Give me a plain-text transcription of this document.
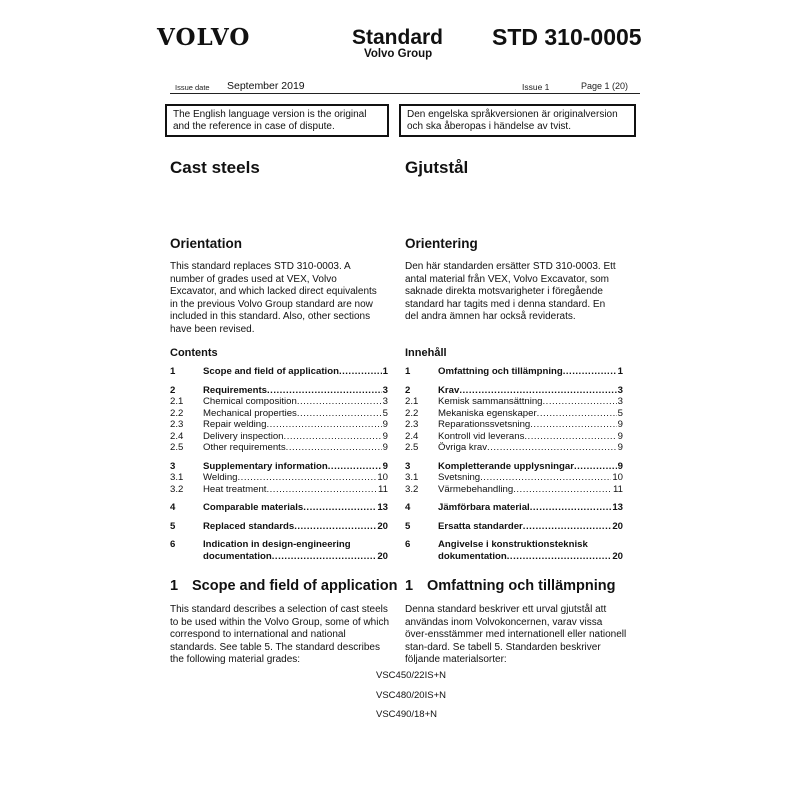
VOLVO	Standard
Volvo Group
STD 310-0005
Issue date September 2019	Issue 1	Page 1 (20)
The English language version is the original and the reference in case of dispute.
Den engelska språkversionen är originalversion och ska åberopas i händelse av tvist.
Cast steels	Gjutstål
Orientation
This standard replaces STD 310-0003. A number of grades used at VEX, Volvo Excavator, and which lacked direct equivalents in the previous Volvo Group standard are now included in this standard. Also, other sections have been revised.
Orientering
Den här standarden ersätter STD 310-0003. Ett antal material från VEX, Volvo Excavator, som saknade direkta motsvarigheter i föregående standard har tagits med i denna standard. En del andra ämnen har också reviderats.
Contents
1	Scope and field of application .....	1
2	Requirements .....	3
2.1	Chemical composition .....	3
2.2	Mechanical properties .....	5
2.3	Repair welding .....	9
2.4	Delivery inspection .....	9
2.5	Other requirements .....	9
3	Supplementary information .....	9
3.1	Welding .....	10
3.2	Heat treatment .....	11
4	Comparable materials .....	13
5	Replaced standards .....	20
6	Indication in design-engineering
documentation .....	20
Innehåll
1	Omfattning och tillämpning .....	1
2	Krav .....	3
2.1	Kemisk sammansättning .....	3
2.2	Mekaniska egenskaper .....	5
2.3	Reparationssvetsning .....	9
2.4	Kontroll vid leverans .....	9
2.5	Övriga krav .....	9
3	Kompletterande upplysningar .....	9
3.1	Svetsning .....	10
3.2	Värmebehandling .....	11
4	Jämförbara material .....	13
5	Ersatta standarder .....	20
6	Angivelse i konstruktionsteknisk
dokumentation .....	20
1 Scope and field of application
This standard describes a selection of cast steels to be used within the Volvo Group, some of which correspond to international and national standards. See table 5. The standard describes the following material grades:
1 Omfattning och tillämpning
Denna standard beskriver ett urval gjutstål att användas inom Volvokoncernen, varav vissa över-ensstämmer med internationell eller nationell stan-dard. Se tabell 5. Standarden beskriver följande materialsorter:
VSC450/22IS+N
VSC480/20IS+N
VSC490/18+N
